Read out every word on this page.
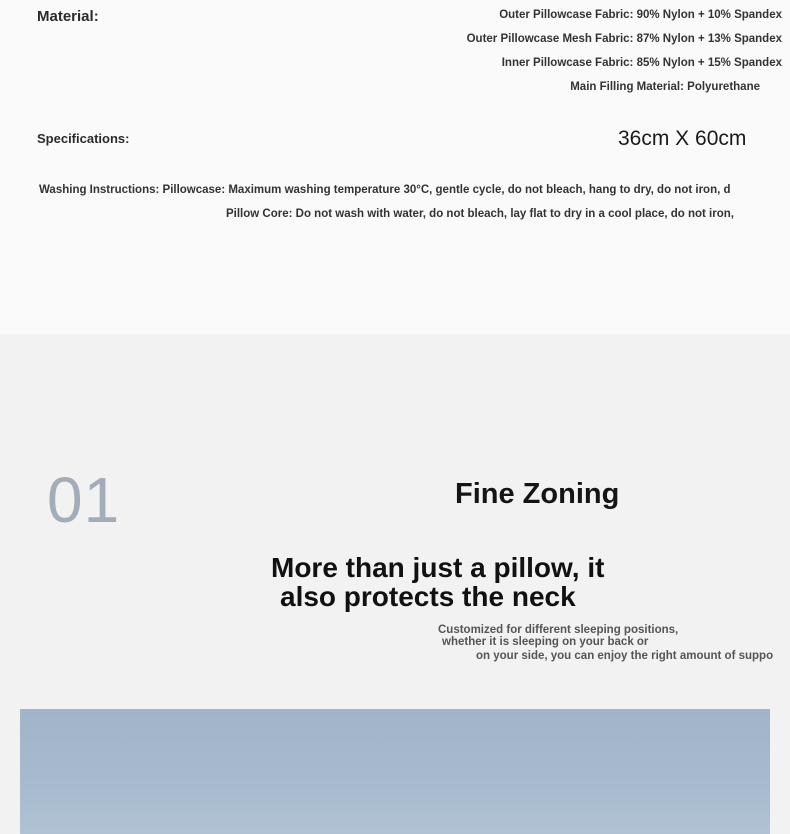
Material:	Outer Pillowcase Fabric: 90% Nylon + 10% Spandex
Outer Pillowcase Mesh Fabric: 87% Nylon + 13% Spandex
Inner Pillowcase Fabric: 85% Nylon + 15% Spandex
Main Filling Material: Polyurethane
Specifications:	36cm X 60cm
Washing Instructions: Pillowcase: Maximum washing temperature 30°C, gentle cycle, do not bleach, hang to dry, do not iron, d
Pillow Core: Do not wash with water, do not bleach, lay flat to dry in a cool place, do not iron,
01	Fine Zoning
More than just a pillow, it
also protects the neck
Customized for different sleeping positions,
whether it is sleeping on your back or
on your side, you can enjoy the right amount of suppo
